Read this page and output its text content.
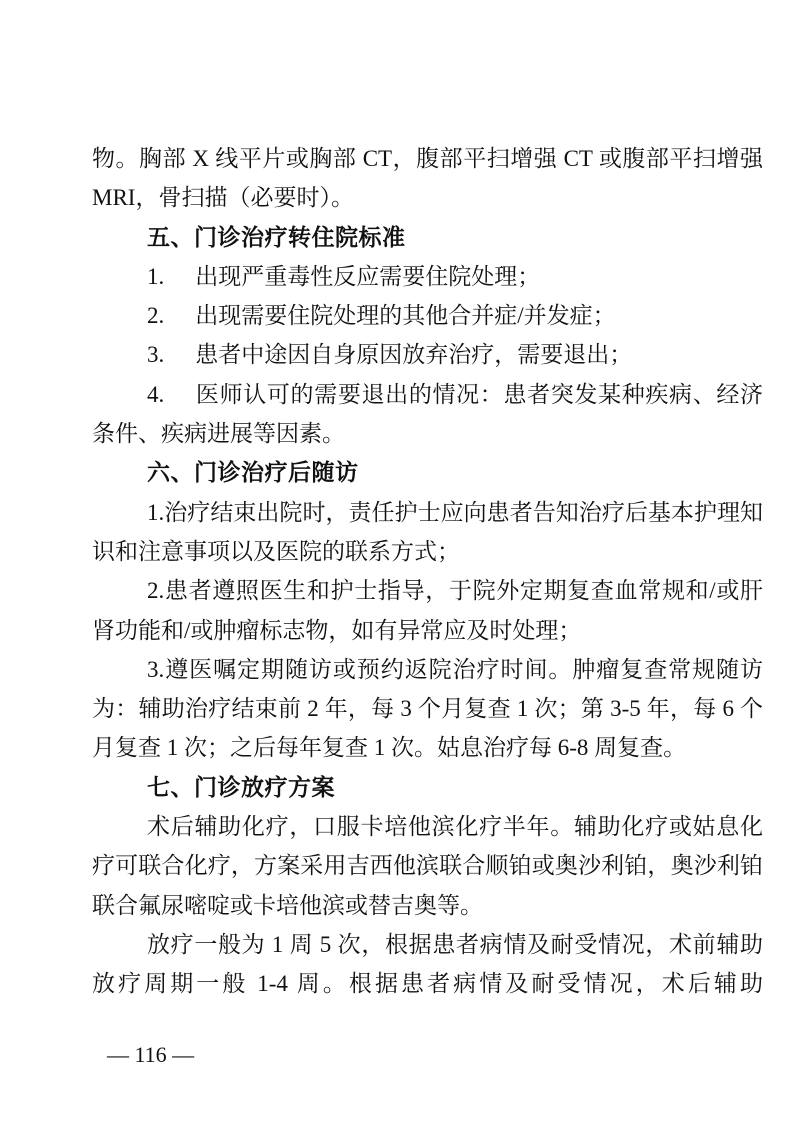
物。胸部 X 线平片或胸部 CT，腹部平扫增强 CT 或腹部平扫增强 MRI，骨扫描（必要时）。

五、门诊治疗转住院标准

1. 出现严重毒性反应需要住院处理；

2. 出现需要住院处理的其他合并症/并发症；

3. 患者中途因自身原因放弃治疗，需要退出；

4. 医师认可的需要退出的情况：患者突发某种疾病、经济条件、疾病进展等因素。

六、门诊治疗后随访

1.治疗结束出院时，责任护士应向患者告知治疗后基本护理知识和注意事项以及医院的联系方式；

2.患者遵照医生和护士指导，于院外定期复查血常规和/或肝肾功能和/或肿瘤标志物，如有异常应及时处理；

3.遵医嘱定期随访或预约返院治疗时间。肿瘤复查常规随访为：辅助治疗结束前 2 年，每 3 个月复查 1 次；第 3-5 年，每 6 个月复查 1 次；之后每年复查 1 次。姑息治疗每 6-8 周复查。

七、门诊放疗方案

术后辅助化疗，口服卡培他滨化疗半年。辅助化疗或姑息化疗可联合化疗，方案采用吉西他滨联合顺铂或奥沙利铂，奥沙利铂联合氟尿嘧啶或卡培他滨或替吉奥等。

放疗一般为 1 周 5 次，根据患者病情及耐受情况，术前辅助放疗周期一般 1-4 周。根据患者病情及耐受情况，术后辅助

— 116 —
